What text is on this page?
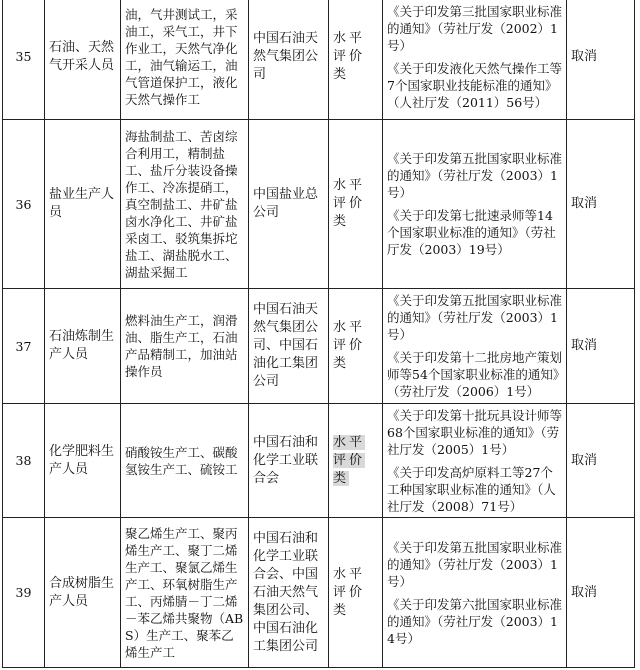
35	石油、天然气开采人员	油，气井测试工，采油工，采气工，井下作业工，天然气净化工，油气输运工，油气管道保护工，液化天然气操作工	中国石油天然气集团公司	水平评价类	《关于印发第三批国家职业标准的通知》（劳社厅发（2002）1号）

《关于印发液化天然气操作工等7个国家职业技能标准的通知》（人社厅发（2011）56号）	取消
36	盐业生产人员	海盐制盐工、苦卤综合利用工，精制盐工、盐斤分装设备操作工、冷冻提硝工，真空制盐工、井矿盐卤水净化工、井矿盐采卤工、驳筑集拆坨盐工、湖盐脱水工、湖盐采掘工	中国盐业总公司	水平评价类	《关于印发第五批国家职业标准的通知》（劳社厅发（2003）1号）

《关于印发第七批速录师等14个国家职业标准的通知》（劳社厅发（2003）19号）	取消
37	石油炼制生产人员	燃料油生产工，润滑油、脂生产工，石油产品精制工，加油站操作员	中国石油天然气集团公司、中国石油化工集团公司	水平评价类	《关于印发第五批国家职业标准的通知》（劳社厅发（2003）1号）

《关于印发第十二批房地产策划师等54个国家职业标准的通知》（劳社厅发（2006）1号）	取消
38	化学肥料生产人员	硝酸铵生产工、碳酸氢铵生产工、硫铵工	中国石油和化学工业联合会	水平评价类	《关于印发第十批玩具设计师等68个国家职业标准的通知》（劳社厅发（2005）1号）

《关于印发高炉原料工等27个工种国家职业标准的通知》（人社厅发（2008）71号）	取消
39	合成树脂生产人员	聚乙烯生产工、聚丙烯生产工、聚丁二烯生产工、聚氯乙烯生产工、环氧树脂生产工、丙烯腈－丁二烯－苯乙烯共聚物（ABS）生产工、聚苯乙烯生产工	中国石油和化学工业联合会、中国石油天然气集团公司、中国石油化工集团公司	水平评价类	《关于印发第五批国家职业标准的通知》（劳社厅发（2003）1号）

《关于印发第六批国家职业标准的通知》（劳社厅发（2003）14号）	取消
